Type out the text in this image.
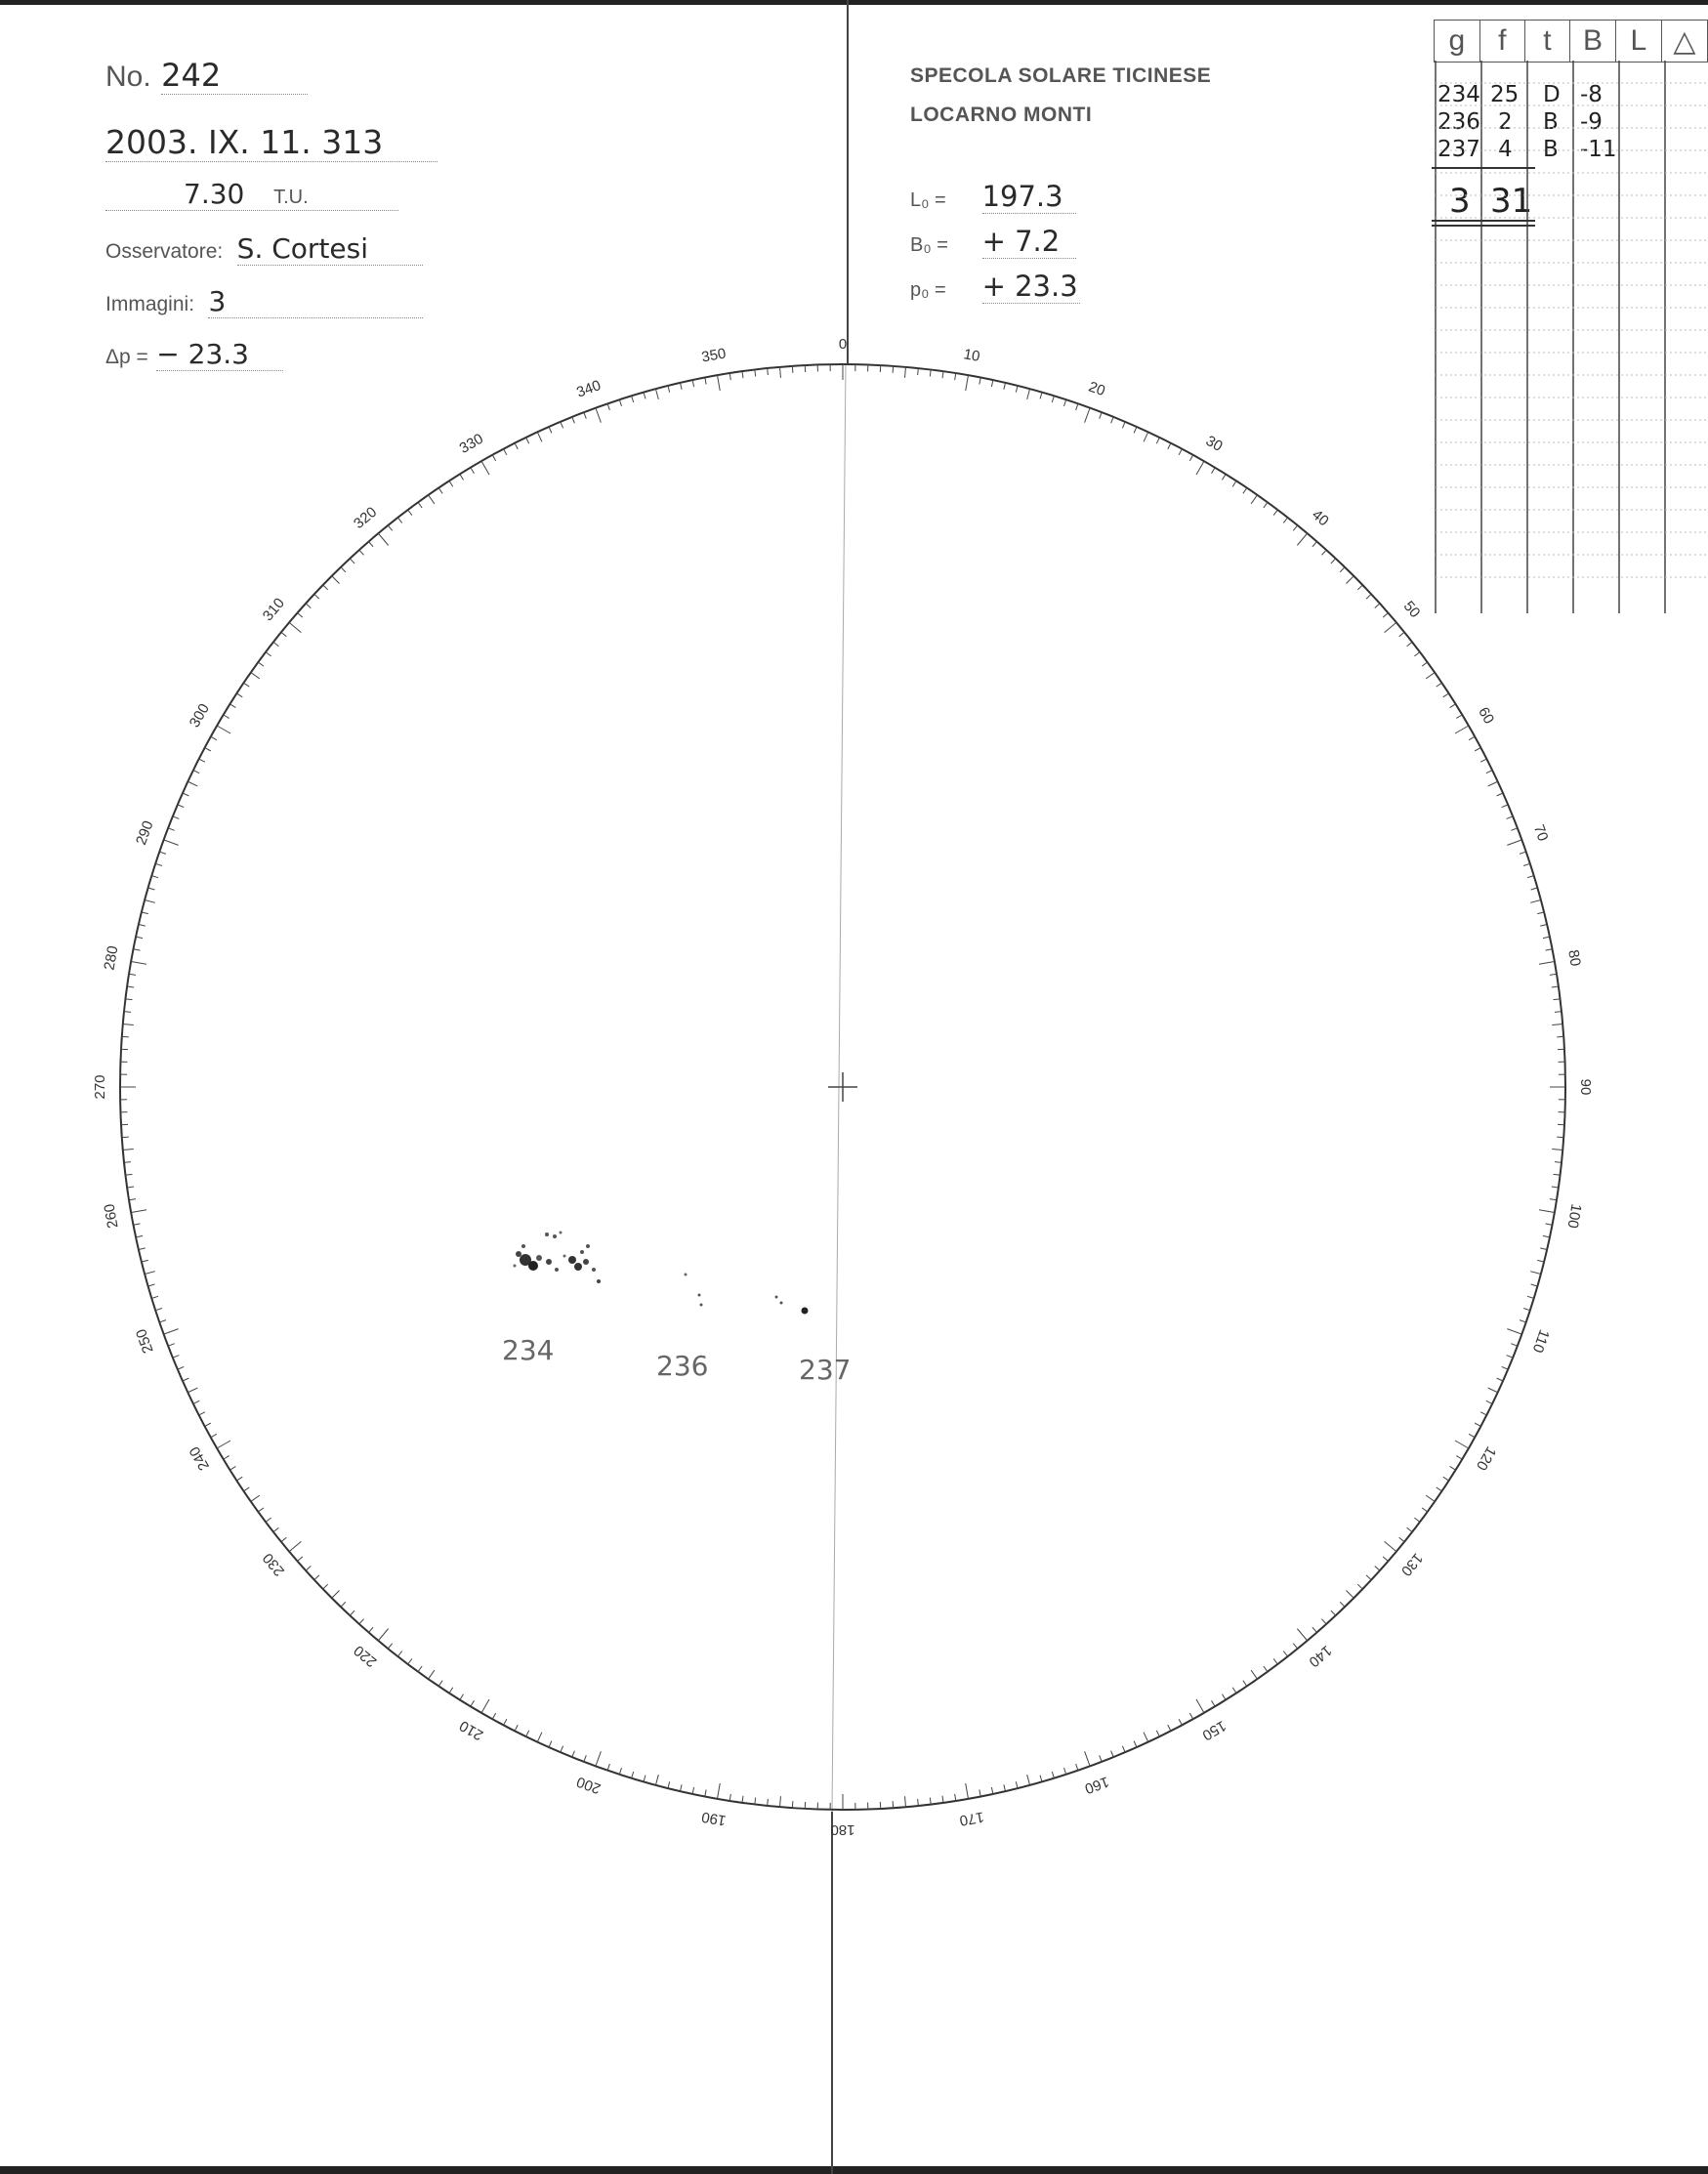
No. 242
2003. IX. 11. 313
7.30 T.U.
Osservatore: S. Cortesi
Immagini: 3
Δp = − 23.3
SPECOLA SOLARE TICINESE
LOCARNO MONTI
L₀ = 197.3
B₀ = + 7.2
p₀ = + 23.3
g	f	t	B	L	△
234 25 D -8
236 2 B -9
237 4 B -11
3 31
0
10
20
30
40
50
60
70
80
90
100
110
120
130
140
150
160
170
180
190
200
210
220
230
240
250
260
270
280
290
300
310
320
330
340
350
234	236	237
